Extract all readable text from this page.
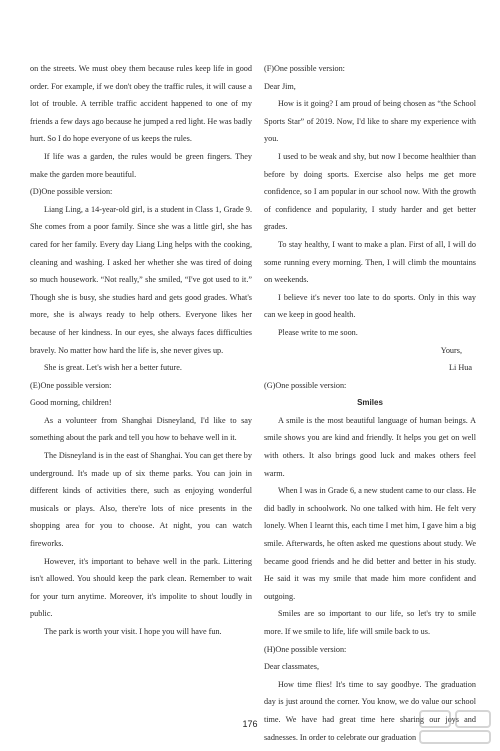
on the streets. We must obey them because rules keep life in good order. For example, if we don't obey the traffic rules, it will cause a lot of trouble. A terrible traffic accident happened to one of my friends a few days ago because he jumped a red light. He was badly hurt. So I do hope everyone of us keeps the rules.

If life was a garden, the rules would be green fingers. They make the garden more beautiful.

(D)One possible version:

Liang Ling, a 14-year-old girl, is a student in Class 1, Grade 9. She comes from a poor family. Since she was a little girl, she has cared for her family. Every day Liang Ling helps with the cooking, cleaning and washing. I asked her whether she was tired of doing so much housework. “Not really,” she smiled, “I've got used to it.” Though she is busy, she studies hard and gets good grades. What's more, she is always ready to help others. Everyone likes her because of her kindness. In our eyes, she always faces difficulties bravely. No matter how hard the life is, she never gives up.

She is great. Let's wish her a better future.

(E)One possible version:

Good morning, children!

As a volunteer from Shanghai Disneyland, I'd like to say something about the park and tell you how to behave well in it.

The Disneyland is in the east of Shanghai. You can get there by underground. It's made up of six theme parks. You can join in different kinds of activities there, such as enjoying wonderful musicals or plays. Also, there're lots of nice presents in the shopping area for you to choose. At night, you can watch fireworks.

However, it's important to behave well in the park. Littering isn't allowed. You should keep the park clean. Remember to wait for your turn anytime. Moreover, it's impolite to shout loudly in public.

The park is worth your visit. I hope you will have fun.

(F)One possible version:

Dear Jim,

How is it going? I am proud of being chosen as “the School Sports Star” of 2019. Now, I'd like to share my experience with you.

I used to be weak and shy, but now I become healthier than before by doing sports. Exercise also helps me get more confidence, so I am popular in our school now. With the growth of confidence and popularity, I study harder and get better grades.

To stay healthy, I want to make a plan. First of all, I will do some running every morning. Then, I will climb the mountains on weekends.

I believe it's never too late to do sports. Only in this way can we keep in good health.

Please write to me soon.

Yours,

Li Hua

(G)One possible version:

Smiles

A smile is the most beautiful language of human beings. A smile shows you are kind and friendly. It helps you get on well with others. It also brings good luck and makes others feel warm.

When I was in Grade 6, a new student came to our class. He did badly in schoolwork. No one talked with him. He felt very lonely. When I learnt this, each time I met him, I gave him a big smile. Afterwards, he often asked me questions about study. We became good friends and he did better and better in his study. He said it was my smile that made him more confident and outgoing.

Smiles are so important to our life, so let's try to smile more. If we smile to life, life will smile back to us.

(H)One possible version:

Dear classmates,

How time flies! It's time to say goodbye. The graduation day is just around the corner. You know, we do value our school time. We have had great time here sharing our joys and sadnesses. In order to celebrate our graduation

176
